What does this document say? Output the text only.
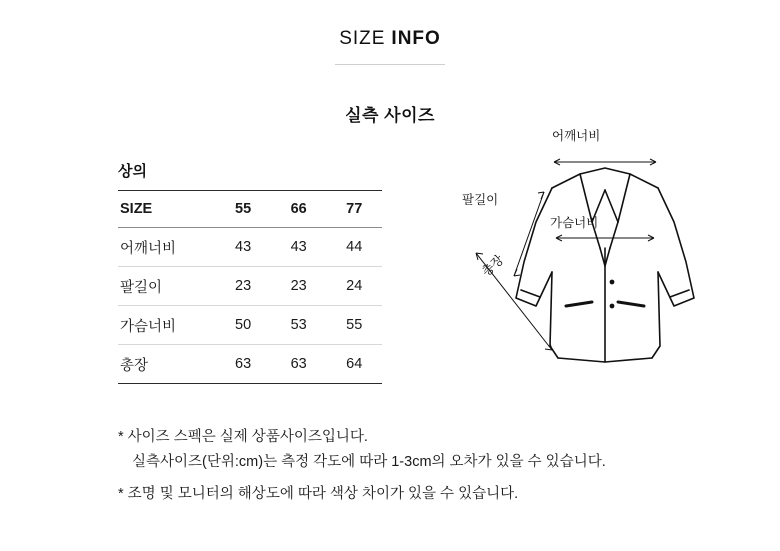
SIZE INFO
실측 사이즈
상의
SIZE	55	66	77
어깨너비	43	43	44
팔길이	23	23	24
가슴너비	50	53	55
총장	63	63	64
어깨너비
팔길이
가슴너비
총장
* 사이즈 스펙은 실제 상품사이즈입니다.
실측사이즈(단위:cm)는 측정 각도에 따라 1-3cm의 오차가 있을 수 있습니다.
* 조명 및 모니터의 해상도에 따라 색상 차이가 있을 수 있습니다.
